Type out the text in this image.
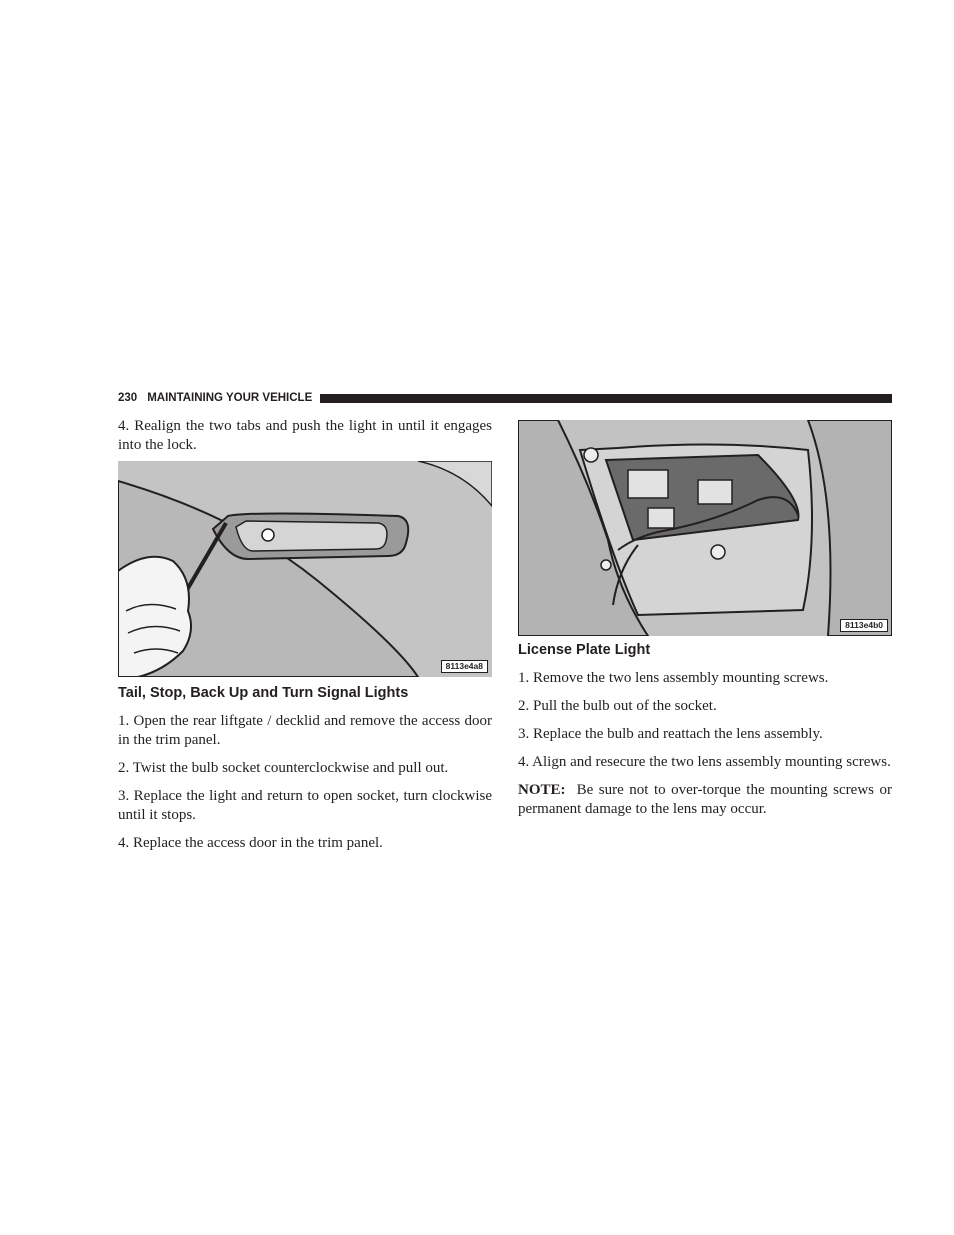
230 MAINTAINING YOUR VEHICLE

4. Realign the two tabs and push the light in until it engages into the lock.

8113e4a8
Tail, Stop, Back Up and Turn Signal Lights

1. Open the rear liftgate / decklid and remove the access door in the trim panel.

2. Twist the bulb socket counterclockwise and pull out.

3. Replace the light and return to open socket, turn clockwise until it stops.

4. Replace the access door in the trim panel.

8113e4b0
License Plate Light

1. Remove the two lens assembly mounting screws.

2. Pull the bulb out of the socket.

3. Replace the bulb and reattach the lens assembly.

4. Align and resecure the two lens assembly mounting screws.

NOTE: Be sure not to over-torque the mounting screws or permanent damage to the lens may occur.
